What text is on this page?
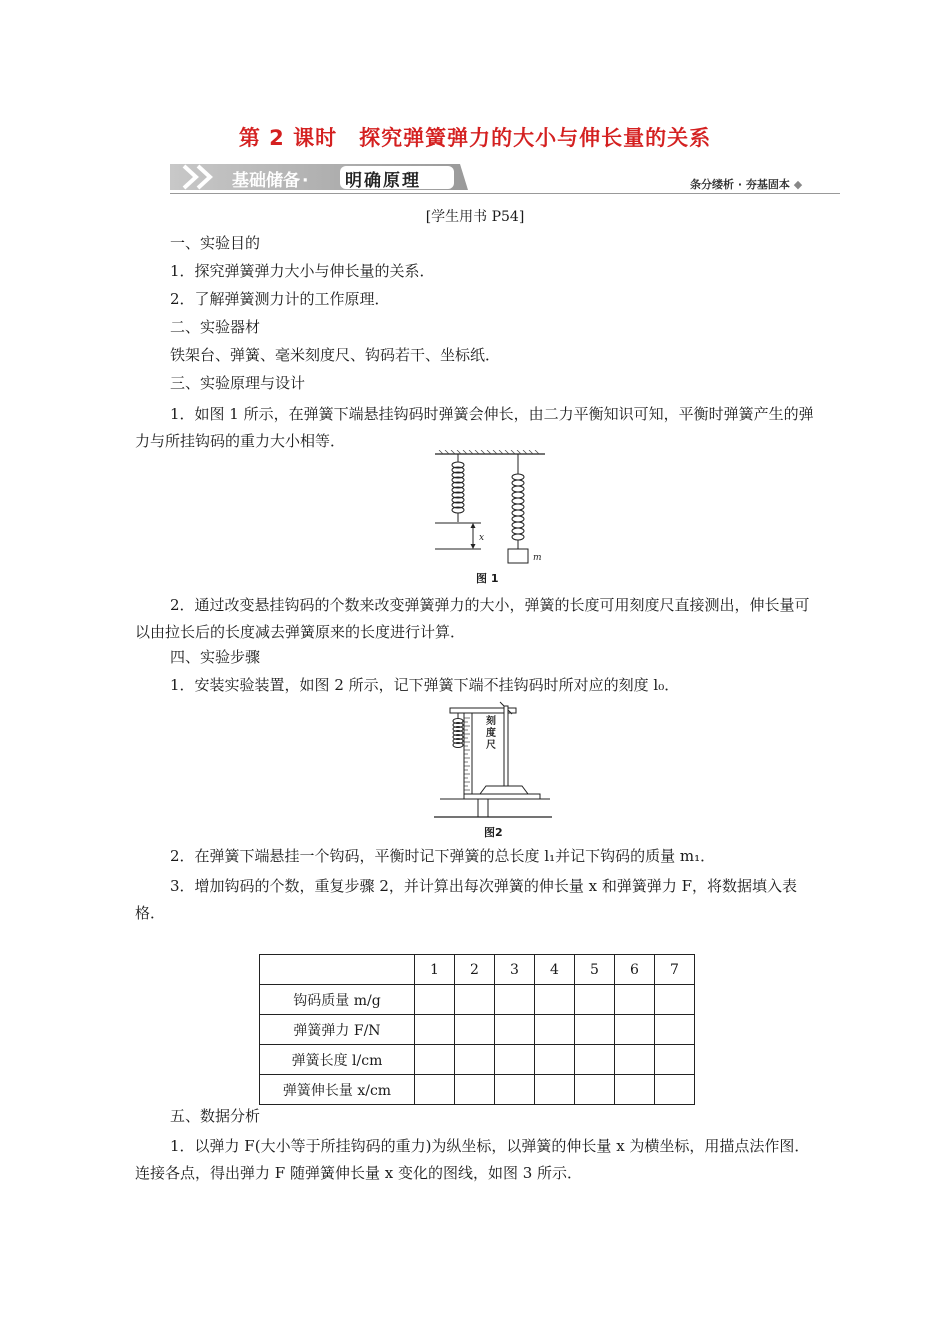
第 2 课时　探究弹簧弹力的大小与伸长量的关系
基础储备 · 明确原理	条分缕析 · 夯基固本 ◆
[学生用书 P54]
一、实验目的
1．探究弹簧弹力大小与伸长量的关系．
2．了解弹簧测力计的工作原理．
二、实验器材
铁架台、弹簧、毫米刻度尺、钩码若干、坐标纸．
三、实验原理与设计
1．如图 1 所示，在弹簧下端悬挂钩码时弹簧会伸长，由二力平衡知识可知，平衡时弹簧产生的弹力与所挂钩码的重力大小相等．
x
m
图 1
2．通过改变悬挂钩码的个数来改变弹簧弹力的大小，弹簧的长度可用刻度尺直接测出，伸长量可以由拉长后的长度减去弹簧原来的长度进行计算．
四、实验步骤
1．安装实验装置，如图 2 所示，记下弹簧下端不挂钩码时所对应的刻度 l₀．
刻
度
尺
图2
2．在弹簧下端悬挂一个钩码，平衡时记下弹簧的总长度 l₁并记下钩码的质量 m₁．
3．增加钩码的个数，重复步骤 2，并计算出每次弹簧的伸长量 x 和弹簧弹力 F，将数据填入表格．
	1	2	3	4	5	6	7
钩码质量 m/g							
弹簧弹力 F/N							
弹簧长度 l/cm							
弹簧伸长量 x/cm							
五、数据分析
1．以弹力 F(大小等于所挂钩码的重力)为纵坐标，以弹簧的伸长量 x 为横坐标，用描点法作图．连接各点，得出弹力 F 随弹簧伸长量 x 变化的图线，如图 3 所示．
